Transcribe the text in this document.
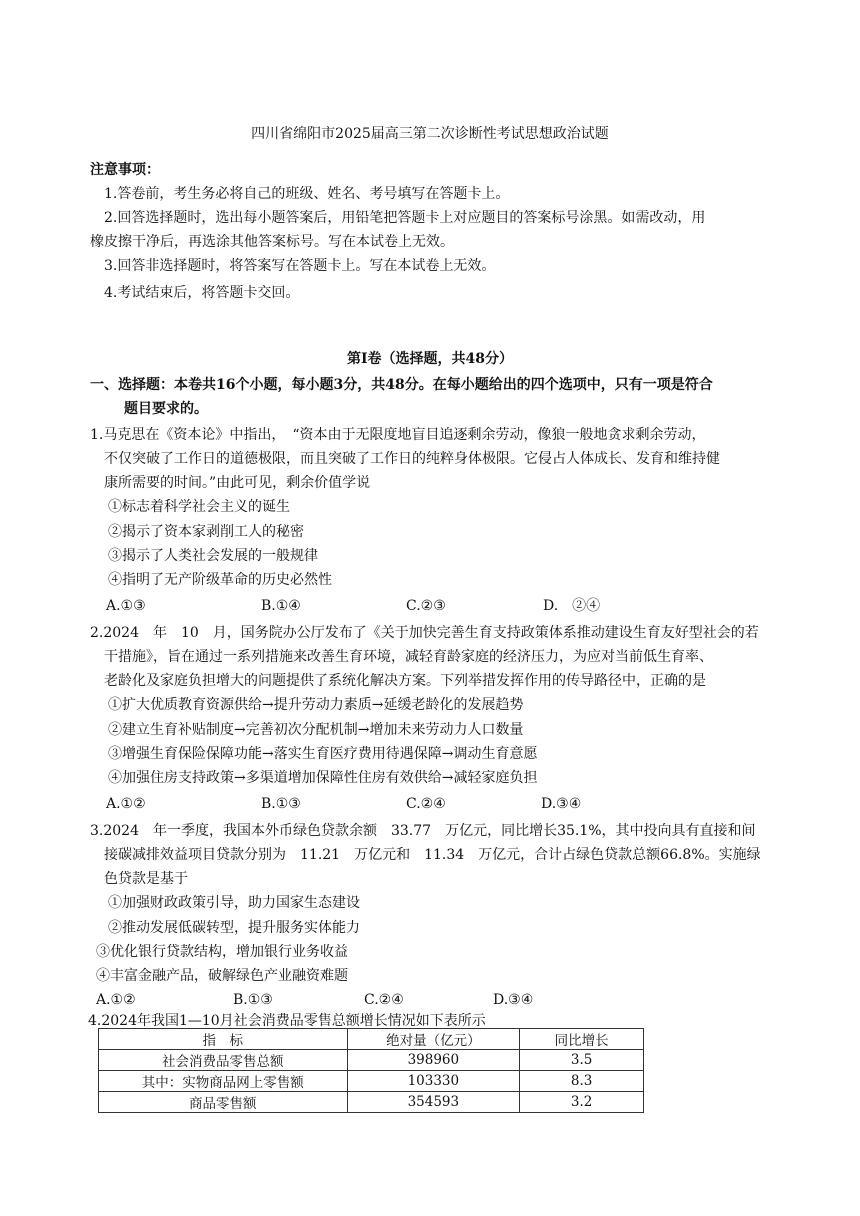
四川省绵阳市2025届高三第二次诊断性考试思想政治试题
注意事项：
1.答卷前，考生务必将自己的班级、姓名、考号填写在答题卡上。
2.回答选择题时，选出每小题答案后，用铅笔把答题卡上对应题目的答案标号涂黑。如需改动，用
橡皮擦干净后，再选涂其他答案标号。写在本试卷上无效。
3.回答非选择题时，将答案写在答题卡上。写在本试卷上无效。
4.考试结束后，将答题卡交回。
第Ⅰ卷（选择题，共48分）
一、选择题：本卷共16个小题，每小题3分，共48分。在每小题给出的四个选项中，只有一项是符合
题目要求的。
1.马克思在《资本论》中指出，　“资本由于无限度地盲目追逐剩余劳动，像狼一般地贪求剩余劳动，
不仅突破了工作日的道德极限，而且突破了工作日的纯粹身体极限。它侵占人体成长、发育和维持健
康所需要的时间。”由此可见，剩余价值学说
①标志着科学社会主义的诞生
②揭示了资本家剥削工人的秘密
③揭示了人类社会发展的一般规律
④指明了无产阶级革命的历史必然性
A.①③	B.①④	C.②③	D.　②④
2.2024　年　10　月，国务院办公厅发布了《关于加快完善生育支持政策体系推动建设生育友好型社会的若
干措施》，旨在通过一系列措施来改善生育环境，减轻育龄家庭的经济压力，为应对当前低生育率、
老龄化及家庭负担增大的问题提供了系统化解决方案。下列举措发挥作用的传导路径中，正确的是
①扩大优质教育资源供给→提升劳动力素质→延缓老龄化的发展趋势
②建立生育补贴制度→完善初次分配机制→增加未来劳动力人口数量
③增强生育保险保障功能→落实生育医疗费用待遇保障→调动生育意愿
④加强住房支持政策→多渠道增加保障性住房有效供给→减轻家庭负担
A.①②	B.①③	C.②④	D.③④
3.2024　年一季度，我国本外币绿色贷款余额　33.77　万亿元，同比增长35.1%，其中投向具有直接和间
接碳减排效益项目贷款分别为　11.21　万亿元和　11.34　万亿元，合计占绿色贷款总额66.8%。实施绿
色贷款是基于
①加强财政政策引导，助力国家生态建设
②推动发展低碳转型，提升服务实体能力
③优化银行贷款结构，增加银行业务收益
④丰富金融产品，破解绿色产业融资难题
A.①②	B.①③	C.②④	D.③④
4.2024年我国1—10月社会消费品零售总额增长情况如下表所示
指　标	绝对量（亿元）	同比增长
社会消费品零售总额	398960	3.5
其中：实物商品网上零售额	103330	8.3
商品零售额	354593	3.2
